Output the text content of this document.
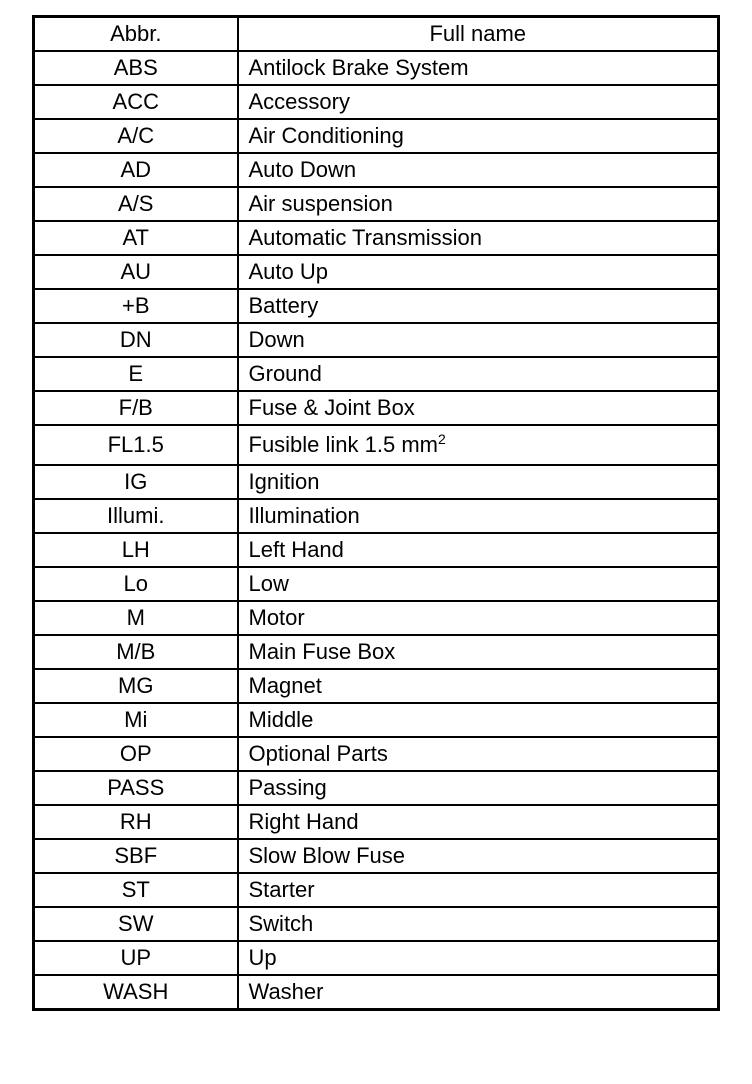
Abbr.	Full name
ABS	Antilock Brake System
ACC	Accessory
A/C	Air Conditioning
AD	Auto Down
A/S	Air suspension
AT	Automatic Transmission
AU	Auto Up
+B	Battery
DN	Down
E	Ground
F/B	Fuse & Joint Box
FL1.5	Fusible link 1.5 $mm^2$
IG	Ignition
Illumi.	Illumination
LH	Left Hand
Lo	Low
M	Motor
M/B	Main Fuse Box
MG	Magnet
Mi	Middle
OP	Optional Parts
PASS	Passing
RH	Right Hand
SBF	Slow Blow Fuse
ST	Starter
SW	Switch
UP	Up
WASH	Washer
